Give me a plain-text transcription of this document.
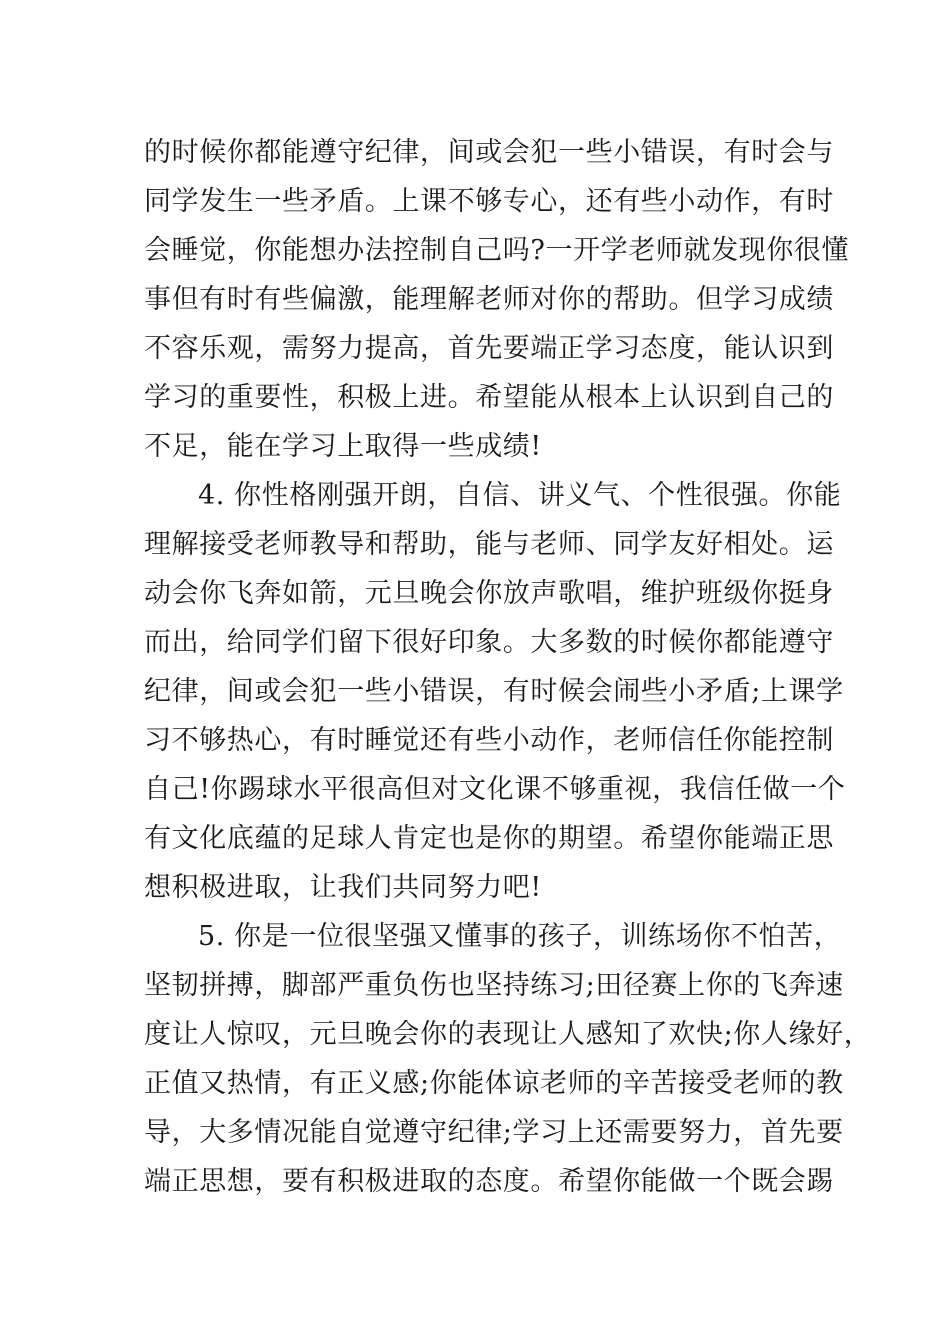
的时候你都能遵守纪律，间或会犯一些小错误，有时会与
同学发生一些矛盾。上课不够专心，还有些小动作，有时
会睡觉，你能想办法控制自己吗?一开学老师就发现你很懂
事但有时有些偏激，能理解老师对你的帮助。但学习成绩
不容乐观，需努力提高，首先要端正学习态度，能认识到
学习的重要性，积极上进。希望能从根本上认识到自己的
不足，能在学习上取得一些成绩!
4. 你性格刚强开朗，自信、讲义气、个性很强。你能
理解接受老师教导和帮助，能与老师、同学友好相处。运
动会你飞奔如箭，元旦晚会你放声歌唱，维护班级你挺身
而出，给同学们留下很好印象。大多数的时候你都能遵守
纪律，间或会犯一些小错误，有时候会闹些小矛盾;上课学
习不够热心，有时睡觉还有些小动作，老师信任你能控制
自己!你踢球水平很高但对文化课不够重视，我信任做一个
有文化底蕴的足球人肯定也是你的期望。希望你能端正思
想积极进取，让我们共同努力吧!
5. 你是一位很坚强又懂事的孩子，训练场你不怕苦，
坚韧拼搏，脚部严重负伤也坚持练习;田径赛上你的飞奔速
度让人惊叹，元旦晚会你的表现让人感知了欢快;你人缘好，
正值又热情，有正义感;你能体谅老师的辛苦接受老师的教
导，大多情况能自觉遵守纪律;学习上还需要努力，首先要
端正思想，要有积极进取的态度。希望你能做一个既会踢
